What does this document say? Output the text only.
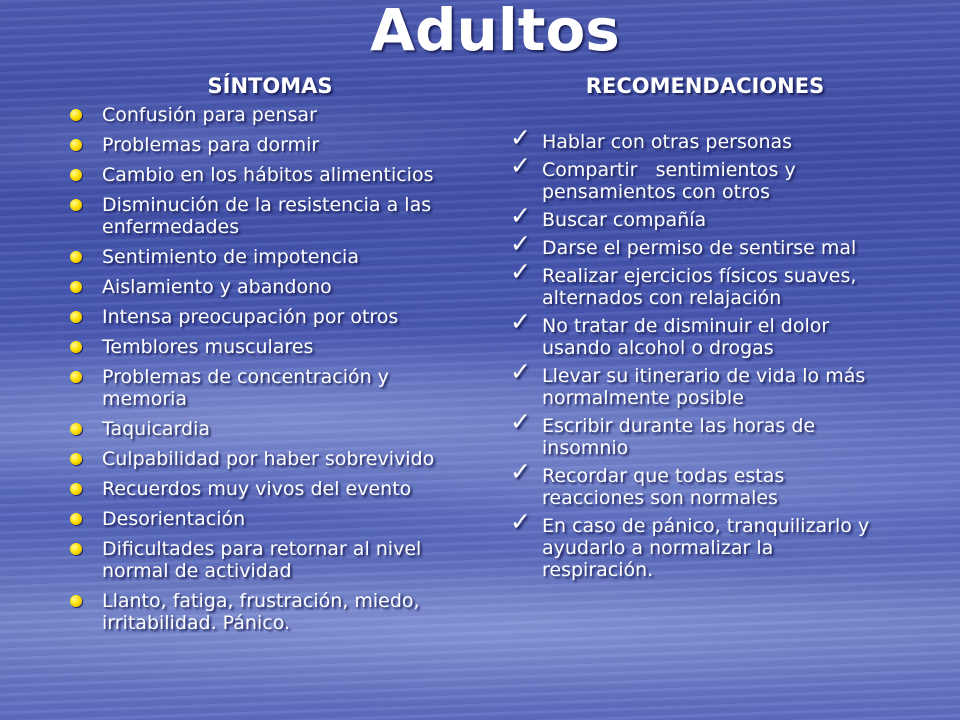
Adultos
SÍNTOMAS	RECOMENDACIONES
Confusión para pensar
Problemas para dormir
Cambio en los hábitos alimenticios
Disminución de la resistencia a las enfermedades
Sentimiento de impotencia
Aislamiento y abandono
Intensa preocupación por otros
Temblores musculares
Problemas de concentración y memoria
Taquicardia
Culpabilidad por haber sobrevivido
Recuerdos muy vivos del evento
Desorientación
Dificultades para retornar al nivel normal de actividad
Llanto, fatiga, frustración, miedo, irritabilidad. Pánico.
✓ Hablar con otras personas
✓ Compartir   sentimientos y pensamientos con otros
✓ Buscar compañía
✓ Darse el permiso de sentirse mal
✓ Realizar ejercicios físicos suaves, alternados con relajación
✓ No tratar de disminuir el dolor usando alcohol o drogas
✓ Llevar su itinerario de vida lo más normalmente posible
✓ Escribir durante las horas de insomnio
✓ Recordar que todas estas reacciones son normales
✓ En caso de pánico, tranquilizarlo y ayudarlo a normalizar la respiración.
